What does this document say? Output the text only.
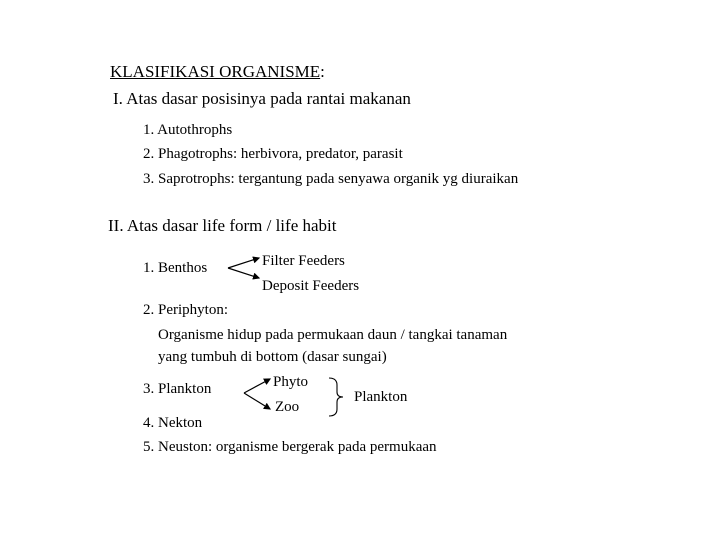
KLASIFIKASI ORGANISME:
I. Atas dasar posisinya pada rantai makanan
1. Autothrophs
2. Phagotrophs: herbivora, predator, parasit
3. Saprotrophs: tergantung pada senyawa organik yg diuraikan
II. Atas dasar life form / life habit
1. Benthos	Filter Feeders
Deposit Feeders
2. Periphyton:
Organisme hidup pada permukaan daun / tangkai tanaman
yang tumbuh di bottom (dasar sungai)
3. Plankton	Phyto
Zoo
Plankton
4. Nekton
5. Neuston: organisme bergerak pada permukaan
